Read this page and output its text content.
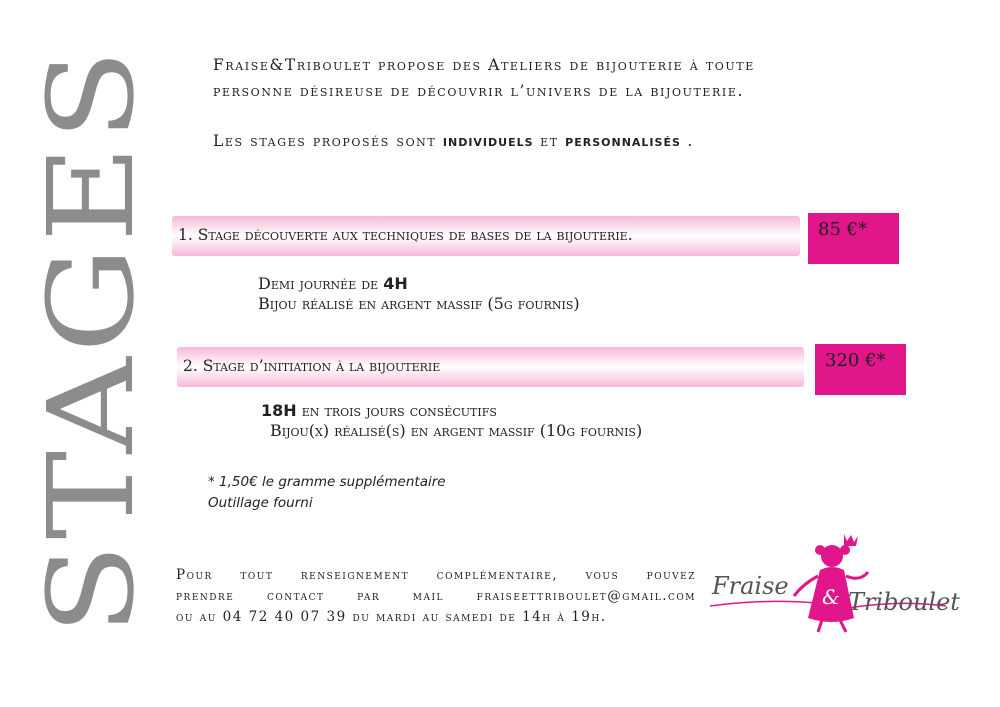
STAGES
Fraise&Triboulet propose des Ateliers de bijouterie à toute
personne désireuse de découvrir l’univers de la bijouterie.
Les stages proposés sont individuels et personnalisés .
1. Stage découverte aux techniques de bases de la bijouterie.	85 €*
Demi journée de 4H
Bijou réalisé en argent massif (5g fournis)
2. Stage d’initiation à la bijouterie	320 €*
18H en trois jours consécutifs
Bijou(x) réalisé(s) en argent massif (10g fournis)
* 1,50€ le gramme supplémentaire
Outillage fourni
Pour tout renseignement complémentaire, vous pouvez
prendre contact par mail fraiseettriboulet@gmail.com
ou au 04 72 40 07 39 du mardi au samedi de 14h à 19h.
Fraise & Triboulet
